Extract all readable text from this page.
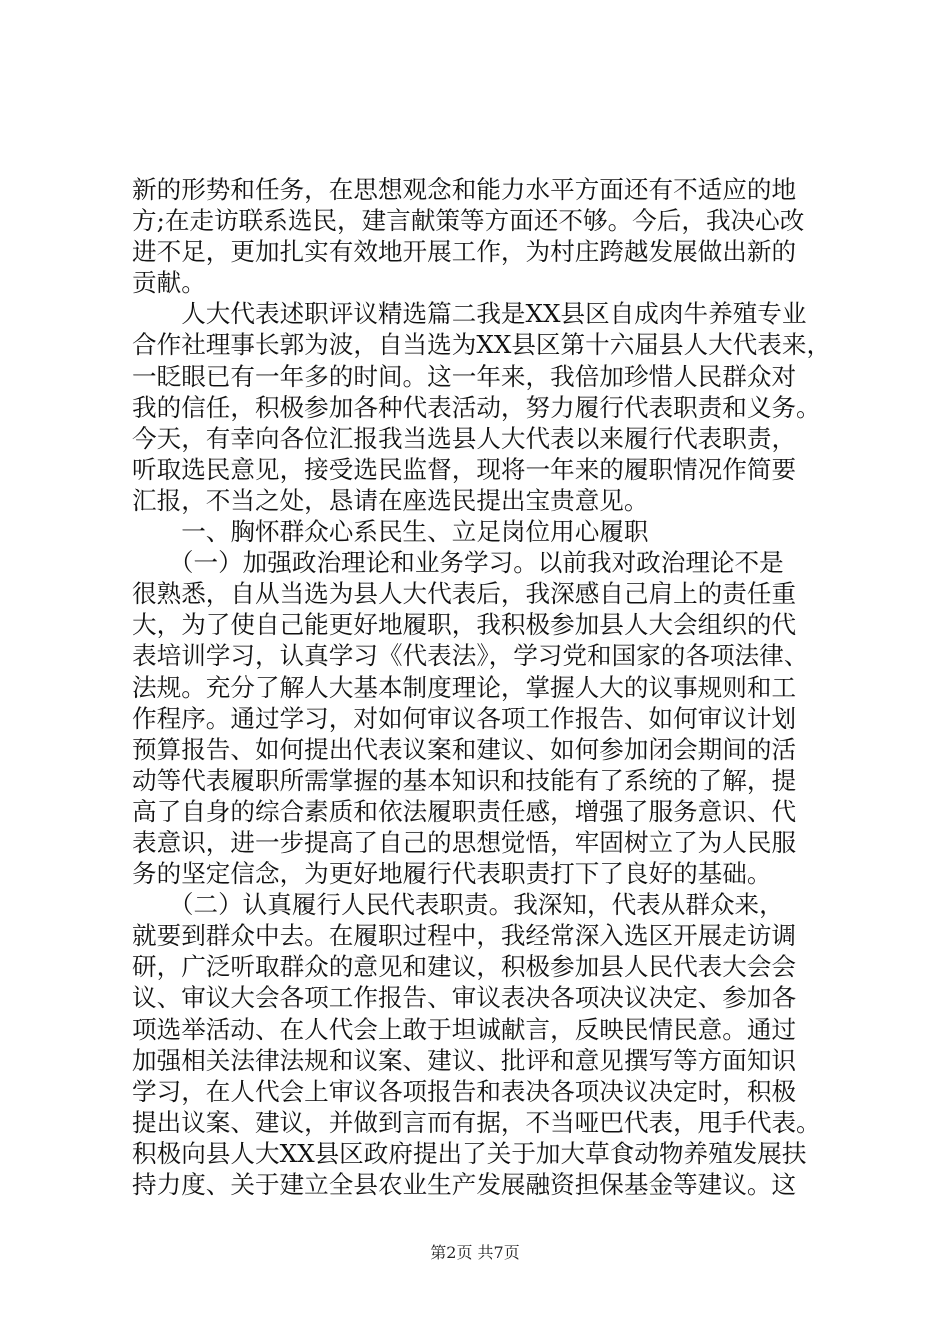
新的形势和任务，在思想观念和能力水平方面还有不适应的地
方;在走访联系选民，建言献策等方面还不够。今后，我决心改
进不足，更加扎实有效地开展工作，为村庄跨越发展做出新的
贡献。
　　人大代表述职评议精选篇二我是XX县区自成肉牛养殖专业
合作社理事长郭为波，自当选为XX县区第十六届县人大代表来，
一眨眼已有一年多的时间。这一年来，我倍加珍惜人民群众对
我的信任，积极参加各种代表活动，努力履行代表职责和义务。
今天，有幸向各位汇报我当选县人大代表以来履行代表职责，
听取选民意见，接受选民监督，现将一年来的履职情况作简要
汇报，不当之处，恳请在座选民提出宝贵意见。
　　一、胸怀群众心系民生、立足岗位用心履职
　　（一）加强政治理论和业务学习。以前我对政治理论不是
很熟悉，自从当选为县人大代表后，我深感自己肩上的责任重
大，为了使自己能更好地履职，我积极参加县人大会组织的代
表培训学习，认真学习《代表法》，学习党和国家的各项法律、
法规。充分了解人大基本制度理论，掌握人大的议事规则和工
作程序。通过学习，对如何审议各项工作报告、如何审议计划
预算报告、如何提出代表议案和建议、如何参加闭会期间的活
动等代表履职所需掌握的基本知识和技能有了系统的了解，提
高了自身的综合素质和依法履职责任感，增强了服务意识、代
表意识，进一步提高了自己的思想觉悟，牢固树立了为人民服
务的坚定信念，为更好地履行代表职责打下了良好的基础。
　　（二）认真履行人民代表职责。我深知，代表从群众来，
就要到群众中去。在履职过程中，我经常深入选区开展走访调
研，广泛听取群众的意见和建议，积极参加县人民代表大会会
议、审议大会各项工作报告、审议表决各项决议决定、参加各
项选举活动、在人代会上敢于坦诚献言，反映民情民意。通过
加强相关法律法规和议案、建议、批评和意见撰写等方面知识
学习，在人代会上审议各项报告和表决各项决议决定时，积极
提出议案、建议，并做到言而有据，不当哑巴代表，甩手代表。
积极向县人大XX县区政府提出了关于加大草食动物养殖发展扶
持力度、关于建立全县农业生产发展融资担保基金等建议。这
第2页 共7页
